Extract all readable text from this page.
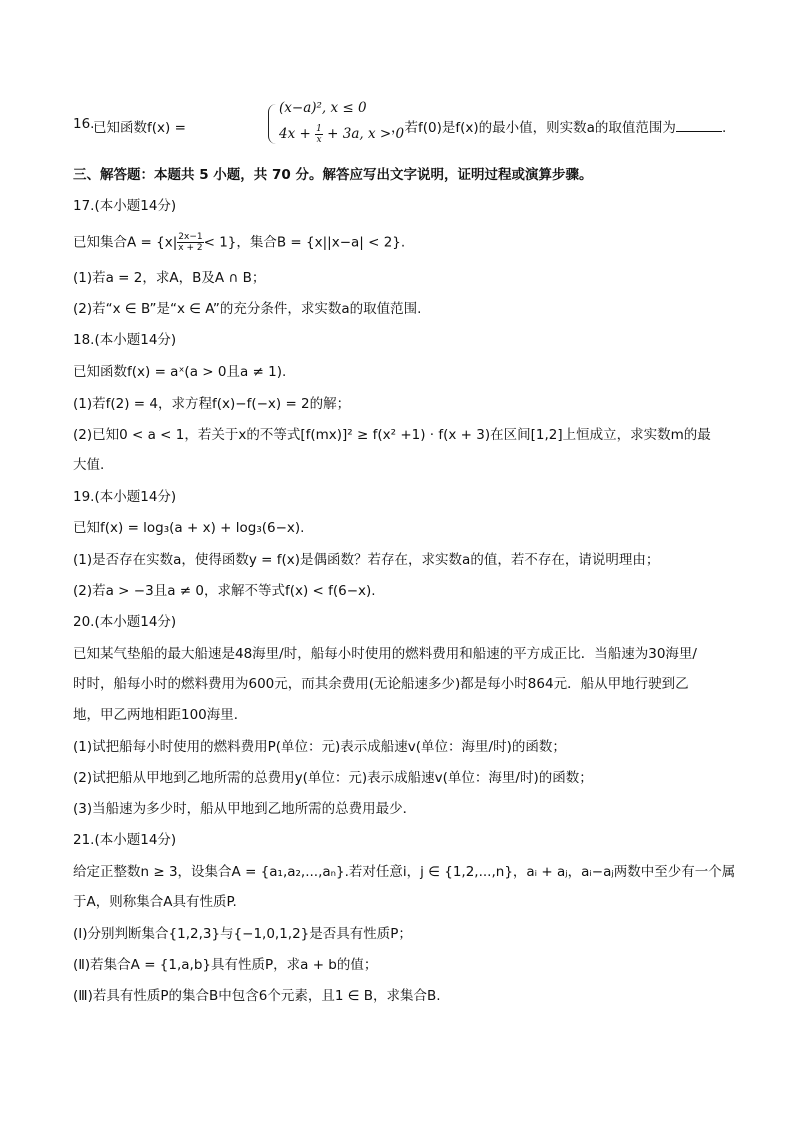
16.
已知函数f(x) =
(x−a)², x ≤ 0
$4x + \frac{1}{x} + 3a$, x > 0
，若f(0)是f(x)的最小值，则实数a的取值范围为	.
三、解答题：本题共 5 小题，共 70 分。解答应写出文字说明，证明过程或演算步骤。
17.(本小题14分)
已知集合$A = \{x| \frac{2x-1}{x + 2} < 1\}$，集合B = {x||x−a| < 2}.
(1)若a = 2，求A，B及A ∩ B；
(2)若“x ∈ B”是“x ∈ A”的充分条件，求实数a的取值范围.
18.(本小题14分)
已知函数f(x) = aˣ(a > 0且a ≠ 1).
(1)若f(2) = 4，求方程f(x)−f(−x) = 2的解；
(2)已知0 < a < 1，若关于x的不等式[f(mx)]² ≥ f(x² +1) · f(x + 3)在区间[1,2]上恒成立，求实数m的最
大值.
19.(本小题14分)
已知f(x) = log₃(a + x) + log₃(6−x).
(1)是否存在实数a，使得函数y = f(x)是偶函数？若存在，求实数a的值，若不存在，请说明理由；
(2)若a > −3且a ≠ 0，求解不等式f(x) < f(6−x).
20.(本小题14分)
已知某气垫船的最大船速是48海里/时，船每小时使用的燃料费用和船速的平方成正比．当船速为30海里/
时时，船每小时的燃料费用为600元，而其余费用(无论船速多少)都是每小时864元．船从甲地行驶到乙
地，甲乙两地相距100海里．
(1)试把船每小时使用的燃料费用P(单位：元)表示成船速v(单位：海里/时)的函数；
(2)试把船从甲地到乙地所需的总费用y(单位：元)表示成船速v(单位：海里/时)的函数；
(3)当船速为多少时，船从甲地到乙地所需的总费用最少．
21.(本小题14分)
给定正整数n ≥ 3，设集合A = {a₁,a₂,...,aₙ}.若对任意i，j ∈ {1,2,...,n}，aᵢ + aⱼ，aᵢ−aⱼ两数中至少有一个属
于A，则称集合A具有性质P.
(Ⅰ)分别判断集合{1,2,3}与{−1,0,1,2}是否具有性质P；
(Ⅱ)若集合A = {1,a,b}具有性质P，求a + b的值；
(Ⅲ)若具有性质P的集合B中包含6个元素，且1 ∈ B，求集合B.
